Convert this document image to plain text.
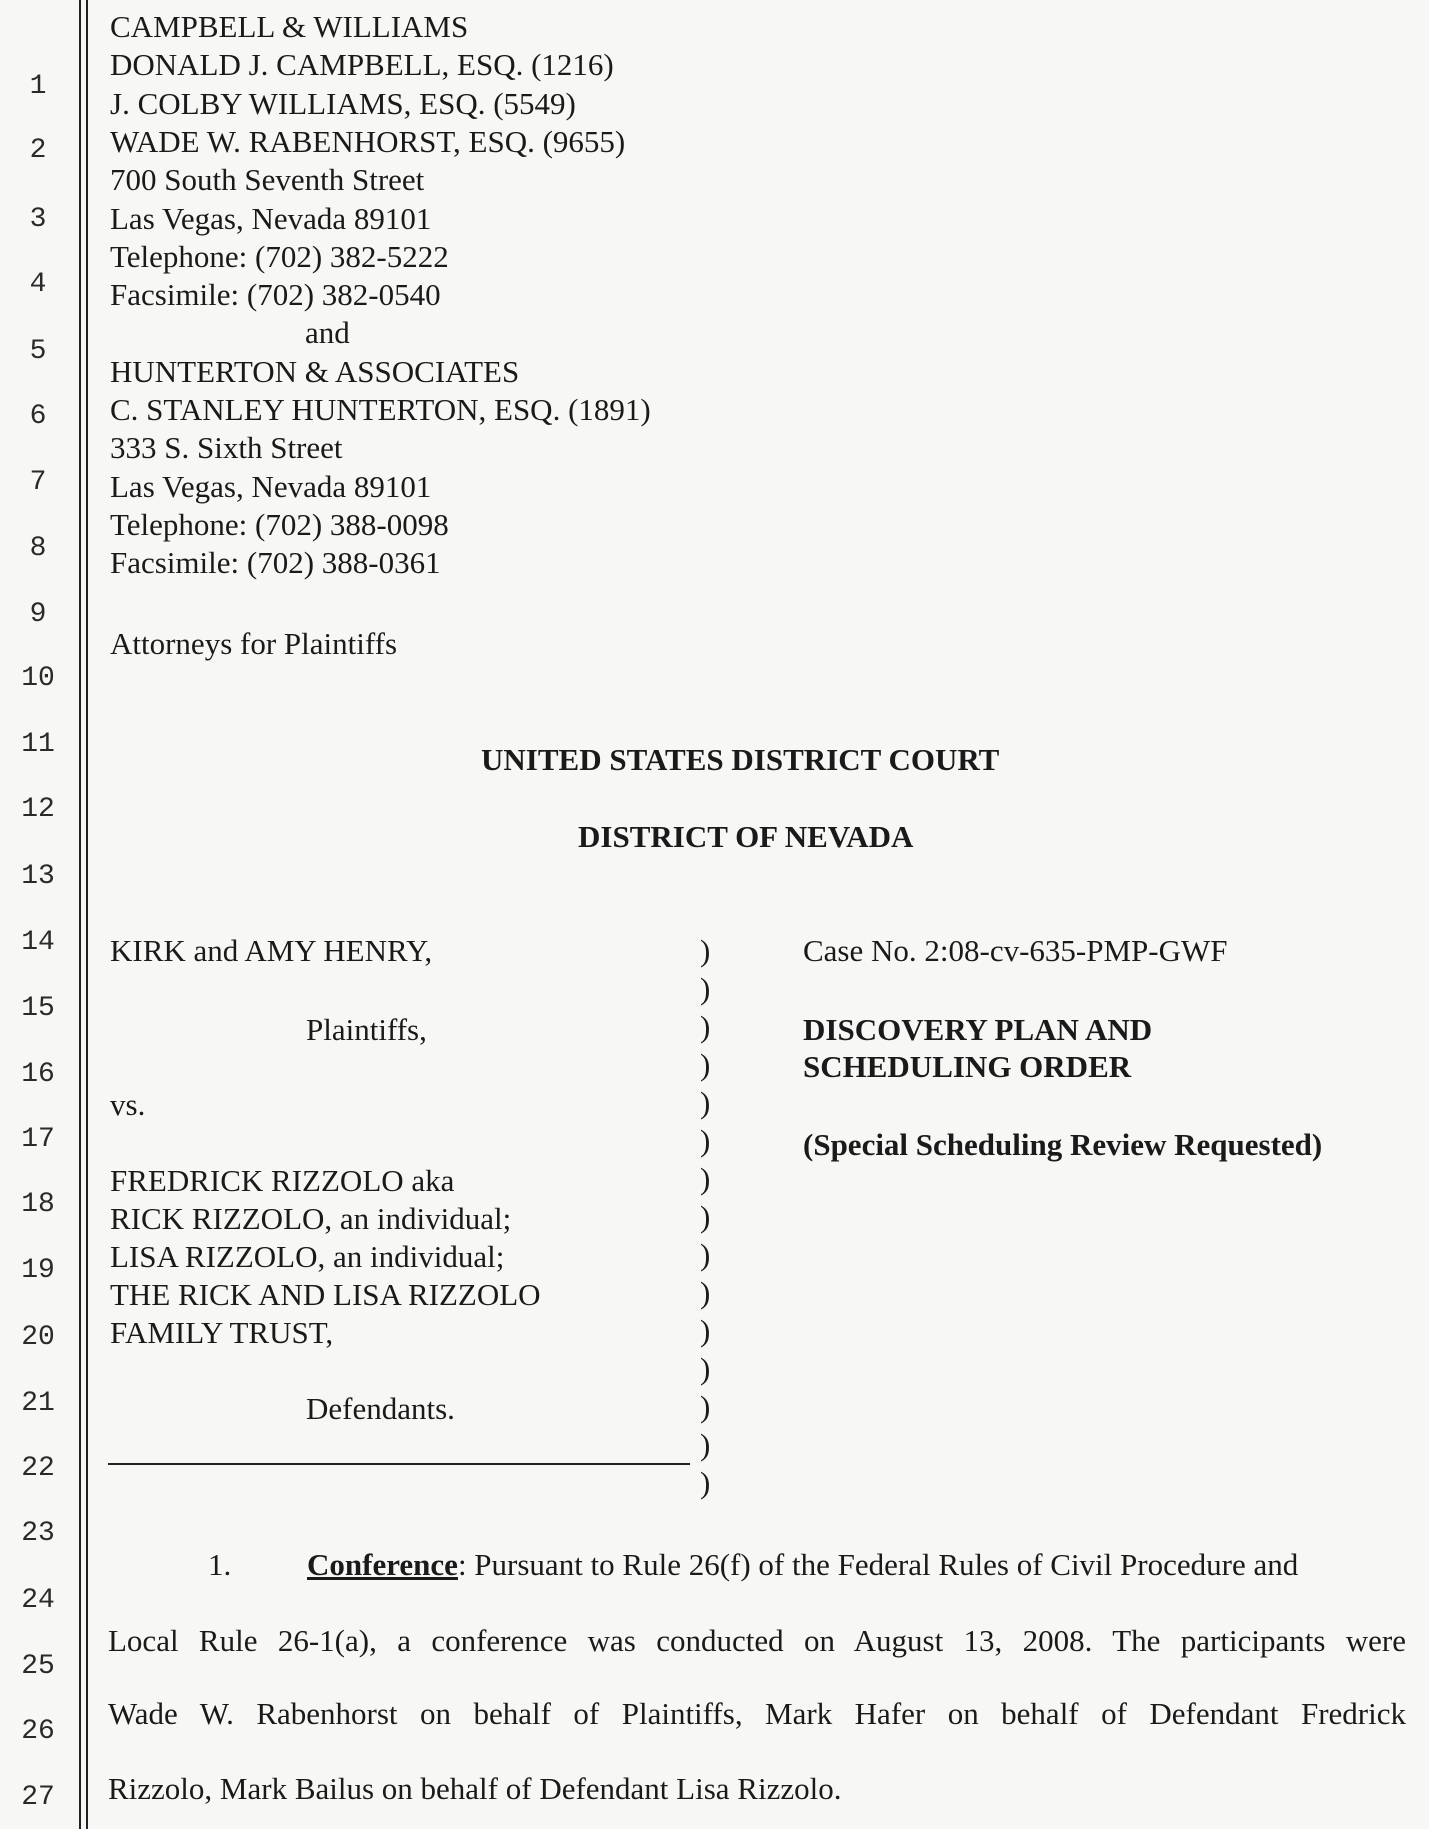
1
2
3
4
5
6
7
8
9
10
11
12
13
14
15
16
17
18
19
20
21
22
23
24
25
26
27
CAMPBELL & WILLIAMS
DONALD J. CAMPBELL, ESQ. (1216)
J. COLBY WILLIAMS, ESQ. (5549)
WADE W. RABENHORST, ESQ. (9655)
700 South Seventh Street
Las Vegas, Nevada 89101
Telephone: (702) 382-5222
Facsimile: (702) 382-0540
and
HUNTERTON & ASSOCIATES
C. STANLEY HUNTERTON, ESQ. (1891)
333 S. Sixth Street
Las Vegas, Nevada 89101
Telephone: (702) 388-0098
Facsimile: (702) 388-0361
Attorneys for Plaintiffs
UNITED STATES DISTRICT COURT
DISTRICT OF NEVADA
KIRK and AMY HENRY,
Plaintiffs,
vs.
FREDRICK RIZZOLO aka
RICK RIZZOLO, an individual;
LISA RIZZOLO, an individual;
THE RICK AND LISA RIZZOLO
FAMILY TRUST,
Defendants.
)
)
)
)
)
)
)
)
)
)
)
)
)
)
)
Case No. 2:08-cv-635-PMP-GWF
DISCOVERY PLAN AND
SCHEDULING ORDER
(Special Scheduling Review Requested)
1. Conference: Pursuant to Rule 26(f) of the Federal Rules of Civil Procedure and
Local Rule 26-1(a), a conference was conducted on August 13, 2008. The participants were
Wade W. Rabenhorst on behalf of Plaintiffs, Mark Hafer on behalf of Defendant Fredrick
Rizzolo, Mark Bailus on behalf of Defendant Lisa Rizzolo.
